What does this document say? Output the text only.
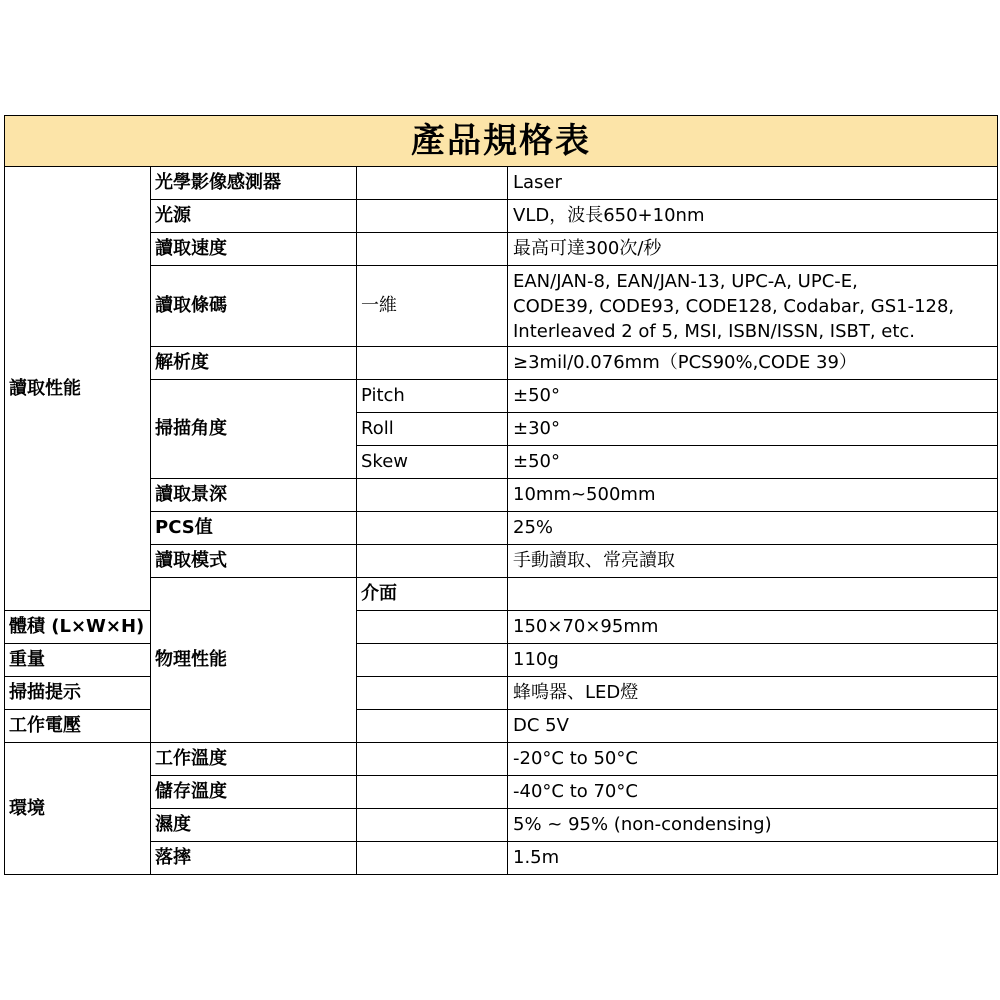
產品規格表				
讀取性能	光學影像感測器		Laser	
	光源		VLD，波長650+10nm	
	讀取速度		最高可達300次/秒	
	讀取條碼	一維	EAN/JAN-8, EAN/JAN-13, UPC-A, UPC-E,
CODE39, CODE93, CODE128, Codabar, GS1-128,
Interleaved 2 of 5, MSI, ISBN/ISSN, ISBT, etc.	

	解析度		≥3mil/0.076mm（PCS90%,CODE 39）	
	掃描角度	Pitch	±50°	
		Roll	±30°	
		Skew	±50°	
	讀取景深		10mm~500mm	
	PCS值		25%	
	讀取模式		手動讀取、常亮讀取	
	物理性能	介面		
體積 (L×W×H)			150×70×95mm	
重量			110g	
掃描提示			蜂鳴器、LED燈	
工作電壓			DC 5V	
環境	工作溫度		-20°C to 50°C	
	儲存溫度		-40°C to 70°C	
	濕度		5% ~ 95% (non-condensing)	
	落摔		1.5m	
